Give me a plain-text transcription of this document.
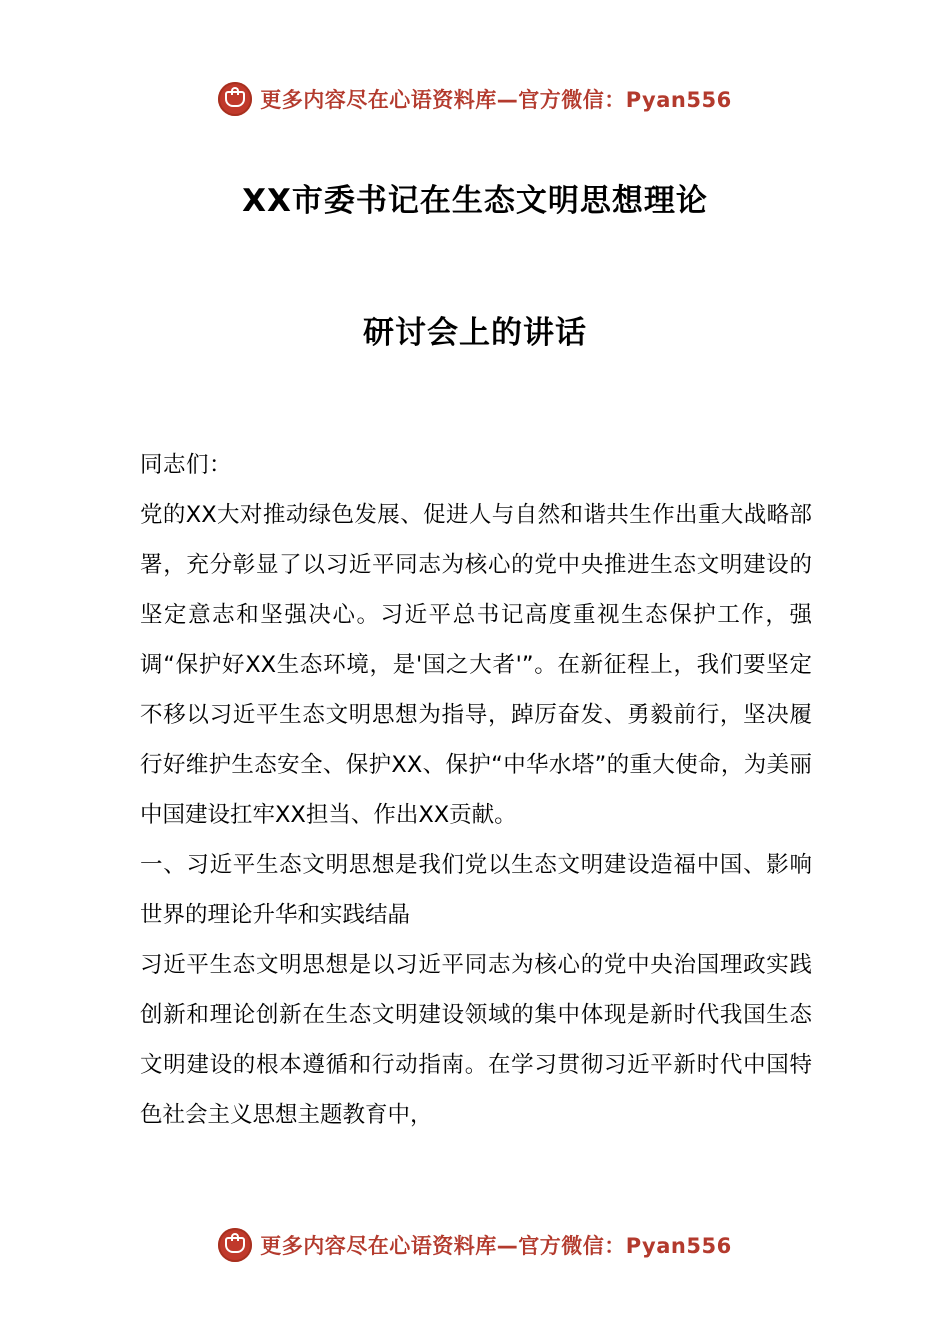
更多内容尽在心语资料库—官方微信：Pyan556
XX市委书记在生态文明思想理论
研讨会上的讲话

同志们：

党的XX大对推动绿色发展、促进人与自然和谐共生作出重大战略部署，充分彰显了以习近平同志为核心的党中央推进生态文明建设的坚定意志和坚强决心。习近平总书记高度重视生态保护工作，强调“保护好XX生态环境，是'国之大者'”。在新征程上，我们要坚定不移以习近平生态文明思想为指导，踔厉奋发、勇毅前行，坚决履行好维护生态安全、保护XX、保护“中华水塔”的重大使命，为美丽中国建设扛牢XX担当、作出XX贡献。

一、习近平生态文明思想是我们党以生态文明建设造福中国、影响世界的理论升华和实践结晶

习近平生态文明思想是以习近平同志为核心的党中央治国理政实践创新和理论创新在生态文明建设领域的集中体现是新时代我国生态文明建设的根本遵循和行动指南。在学习贯彻习近平新时代中国特色社会主义思想主题教育中，

更多内容尽在心语资料库—官方微信：Pyan556
